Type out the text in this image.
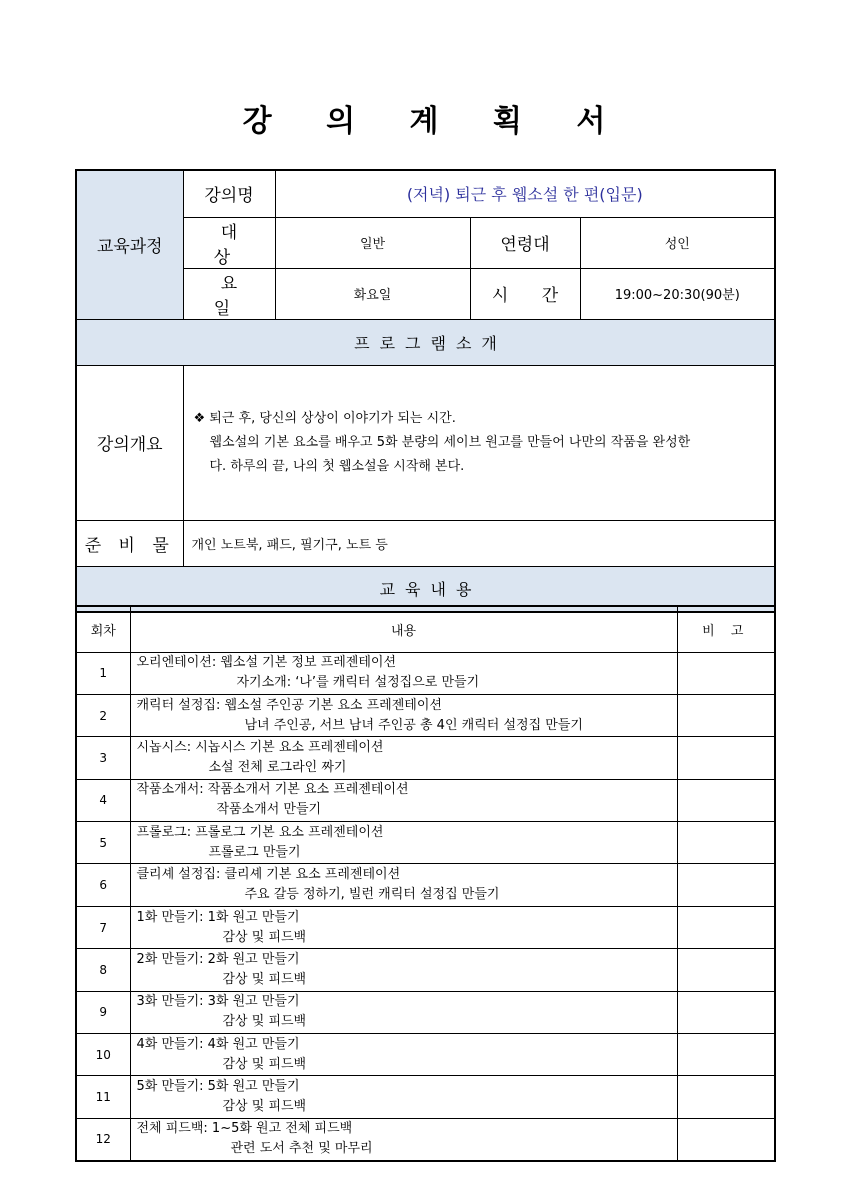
강 의 계 획 서
교육과정	강의명	(저녁) 퇴근 후 웹소설 한 편(입문)		
	대 상	일반	연령대	성인
	요 일	화요일	시 간	19:00~20:30(90분)
프로그램소개				
강의개요	❖ 퇴근 후, 당신의 상상이 이야기가 되는 시간.
웹소설의 기본 요소를 배우고 5화 분량의 세이브 원고를 만들어 나만의 작품을 완성한
다. 하루의 끝, 나의 첫 웹소설을 시작해 본다.			

준 비 물	개인 노트북, 패드, 필기구, 노트 등			
교육내용				
회차	내용	비 고
1	오리엔테이션: 웹소설 기본 정보 프레젠테이션
자기소개: ‘나’를 캐릭터 설정집으로 만들기	

2	캐릭터 설정집: 웹소설 주인공 기본 요소 프레젠테이션
남녀 주인공, 서브 남녀 주인공 총 4인 캐릭터 설정집 만들기	

3	시놉시스: 시놉시스 기본 요소 프레젠테이션
소설 전체 로그라인 짜기	

4	작품소개서: 작품소개서 기본 요소 프레젠테이션
작품소개서 만들기	

5	프롤로그: 프롤로그 기본 요소 프레젠테이션
프롤로그 만들기	

6	클리셰 설정집: 클리셰 기본 요소 프레젠테이션
주요 갈등 정하기, 빌런 캐릭터 설정집 만들기	

7	1화 만들기: 1화 원고 만들기
감상 및 피드백	

8	2화 만들기: 2화 원고 만들기
감상 및 피드백	

9	3화 만들기: 3화 원고 만들기
감상 및 피드백	

10	4화 만들기: 4화 원고 만들기
감상 및 피드백	

11	5화 만들기: 5화 원고 만들기
감상 및 피드백	

12	전체 피드백: 1~5화 원고 전체 피드백
관련 도서 추천 및 마무리	
